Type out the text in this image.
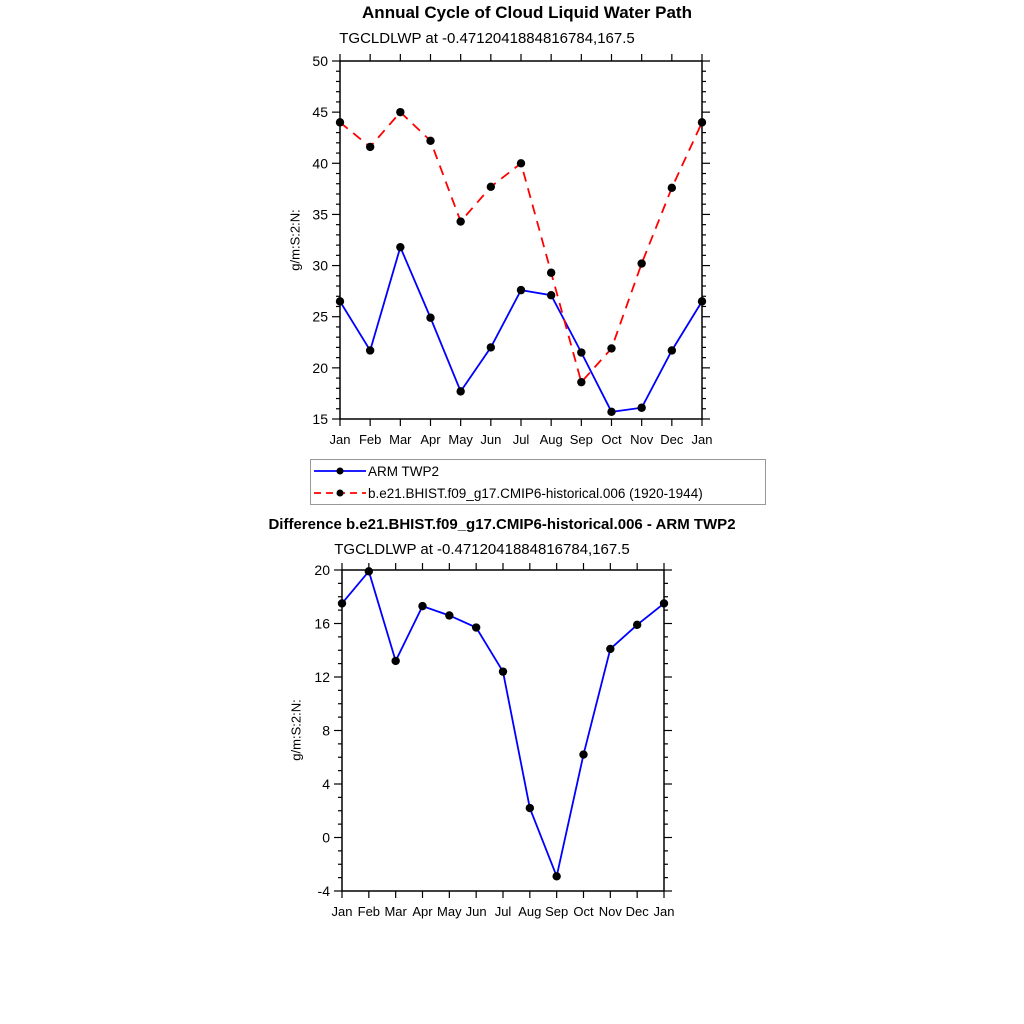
Annual Cycle of Cloud Liquid Water Path
TGCLDLWP at -0.4712041884816784,167.5
g/m:S:2:N:
Difference b.e21.BHIST.f09_g17.CMIP6-historical.006 - ARM TWP2
TGCLDLWP at -0.4712041884816784,167.5
g/m:S:2:N:
15
20
25
30
35
40
45
50
Jan Feb Mar Apr May Jun Jul Aug Sep Oct Nov Dec Jan
-4
0
4
8
12
16
20
Jan Feb Mar Apr May Jun Jul Aug Sep Oct Nov Dec Jan
ARM TWP2
b.e21.BHIST.f09_g17.CMIP6-historical.006 (1920-1944)
